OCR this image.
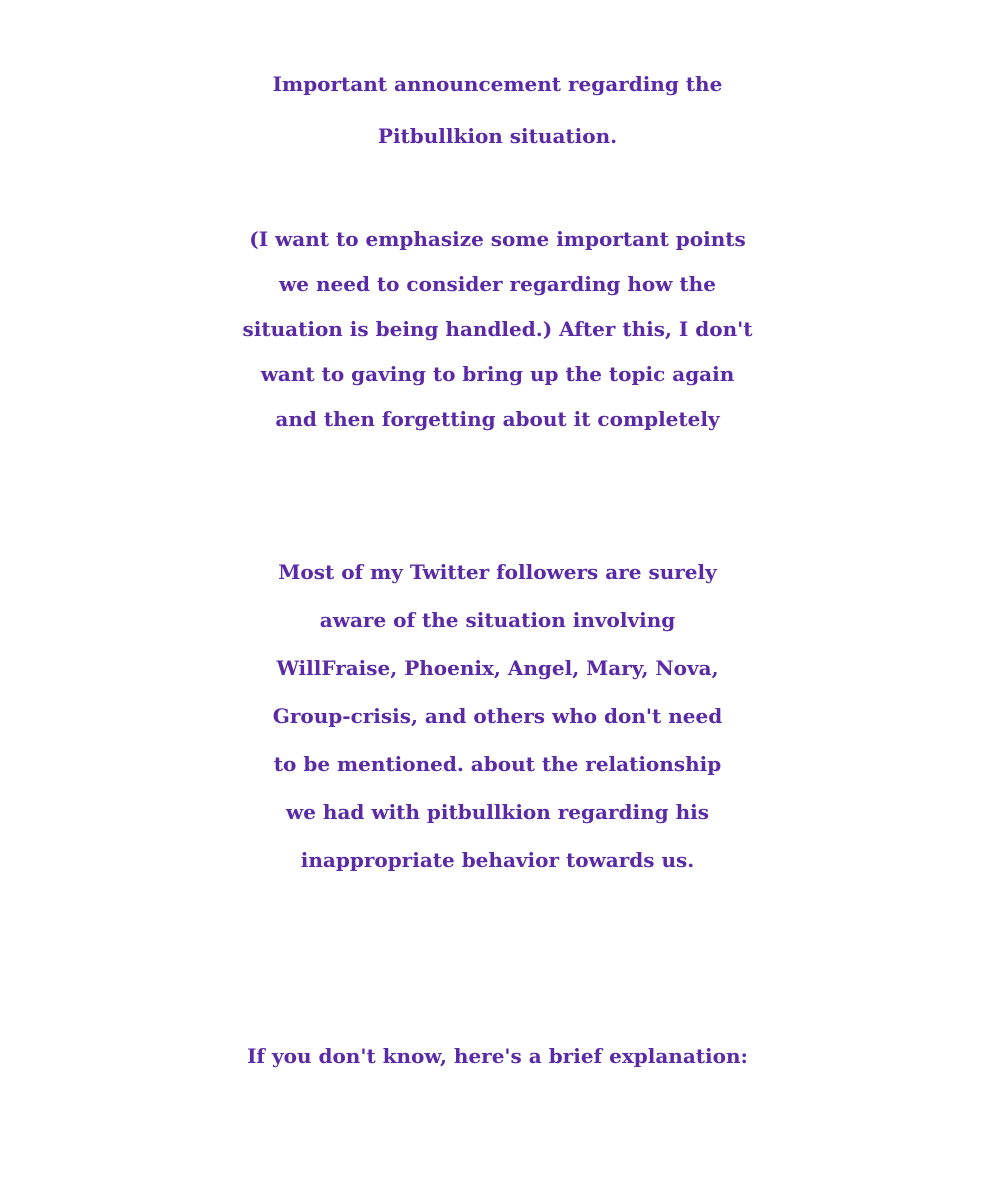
Important announcement regarding the
Pitbullkion situation.
(I want to emphasize some important points
we need to consider regarding how the
situation is being handled.) After this, I don't
want to gaving to bring up the topic again
and then forgetting about it completely
Most of my Twitter followers are surely
aware of the situation involving
WillFraise, Phoenix, Angel, Mary, Nova,
Group-crisis, and others who don't need
to be mentioned. about the relationship
we had with pitbullkion regarding his
inappropriate behavior towards us.
If you don't know, here's a brief explanation:
